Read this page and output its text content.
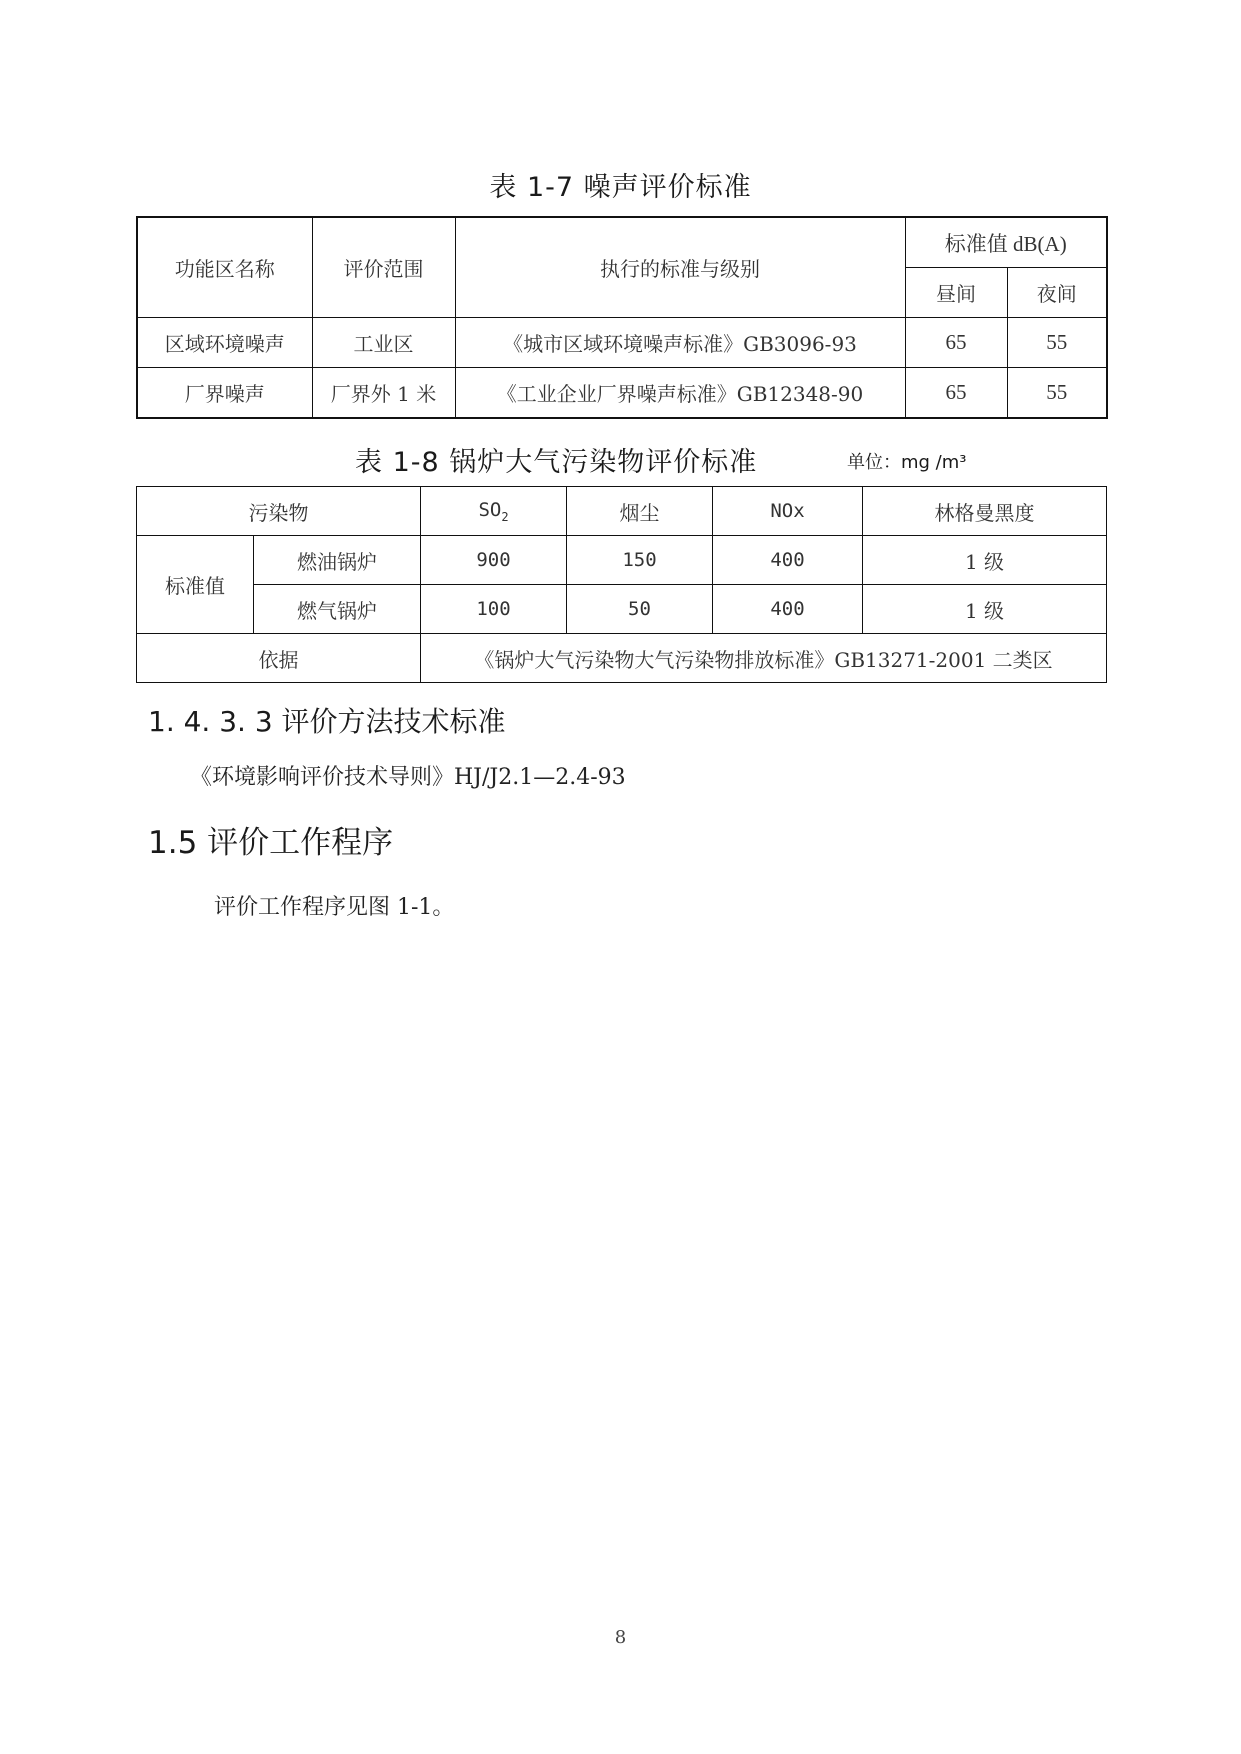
表 1-7 噪声评价标准
功能区名称	评价范围	执行的标准与级别	标准值 dB(A)	
			昼间	夜间
区域环境噪声	工业区	《城市区域环境噪声标准》GB3096-93	65	55
厂界噪声	厂界外 1 米	《工业企业厂界噪声标准》GB12348-90	65	55
表 1-8 锅炉大气污染物评价标准	单位：mg /m³
污染物		$SO_2$	烟尘	NOx	林格曼黑度
标准值	燃油锅炉	900	150	400	1 级
	燃气锅炉	100	50	400	1 级
依据		《锅炉大气污染物大气污染物排放标准》GB13271-2001 二类区			
1. 4. 3. 3 评价方法技术标准
《环境影响评价技术导则》HJ/J2.1—2.4-93
1.5 评价工作程序
评价工作程序见图 1-1。
8
